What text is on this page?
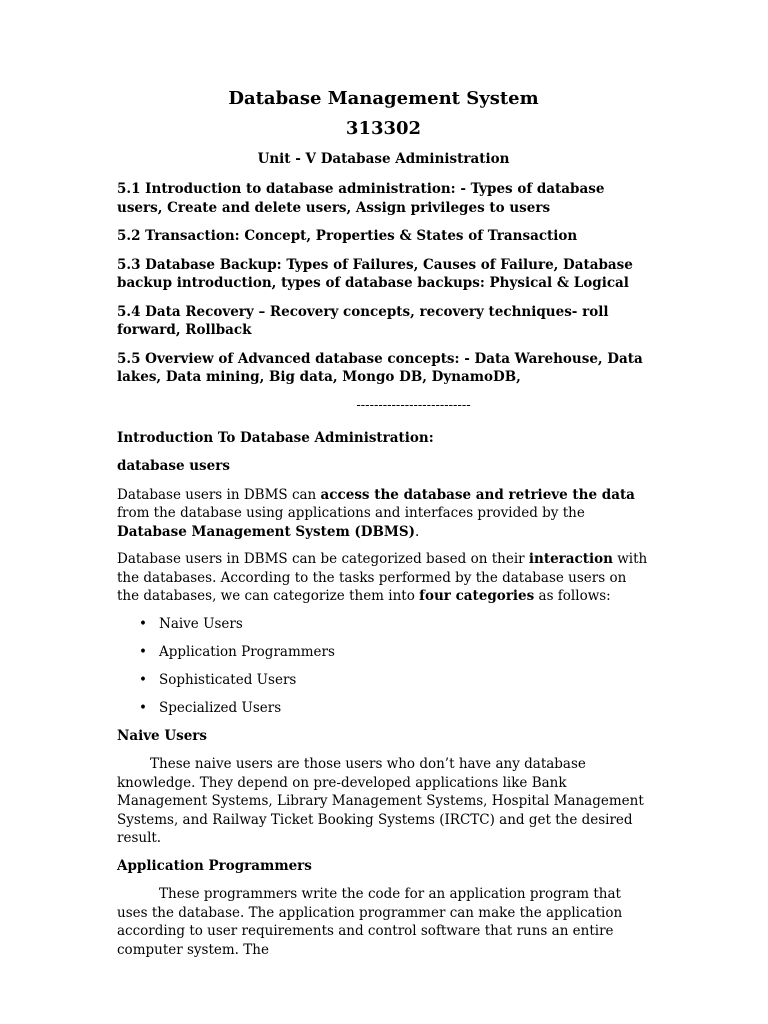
Database Management System
313302
Unit - V Database Administration
5.1 Introduction to database administration: - Types of database users, Create and delete users, Assign privileges to users
5.2 Transaction: Concept, Properties & States of Transaction
5.3 Database Backup: Types of Failures, Causes of Failure, Database backup introduction, types of database backups: Physical & Logical
5.4 Data Recovery – Recovery concepts, recovery techniques- roll forward, Rollback
5.5 Overview of Advanced database concepts: - Data Warehouse, Data lakes, Data mining, Big data, Mongo DB, DynamoDB,
--------------------------
Introduction To Database Administration:
database users

Database users in DBMS can access the database and retrieve the data from the database using applications and interfaces provided by the Database Management System (DBMS).

Database users in DBMS can be categorized based on their interaction with the databases. According to the tasks performed by the database users on the databases, we can categorize them into four categories as follows:

• Naive Users
• Application Programmers
• Sophisticated Users
• Specialized Users
Naive Users

These naive users are those users who don’t have any database knowledge. They depend on pre-developed applications like Bank Management Systems, Library Management Systems, Hospital Management Systems, and Railway Ticket Booking Systems (IRCTC) and get the desired result.

Application Programmers

These programmers write the code for an application program that uses the database. The application programmer can make the application according to user requirements and control software that runs an entire computer system. The
